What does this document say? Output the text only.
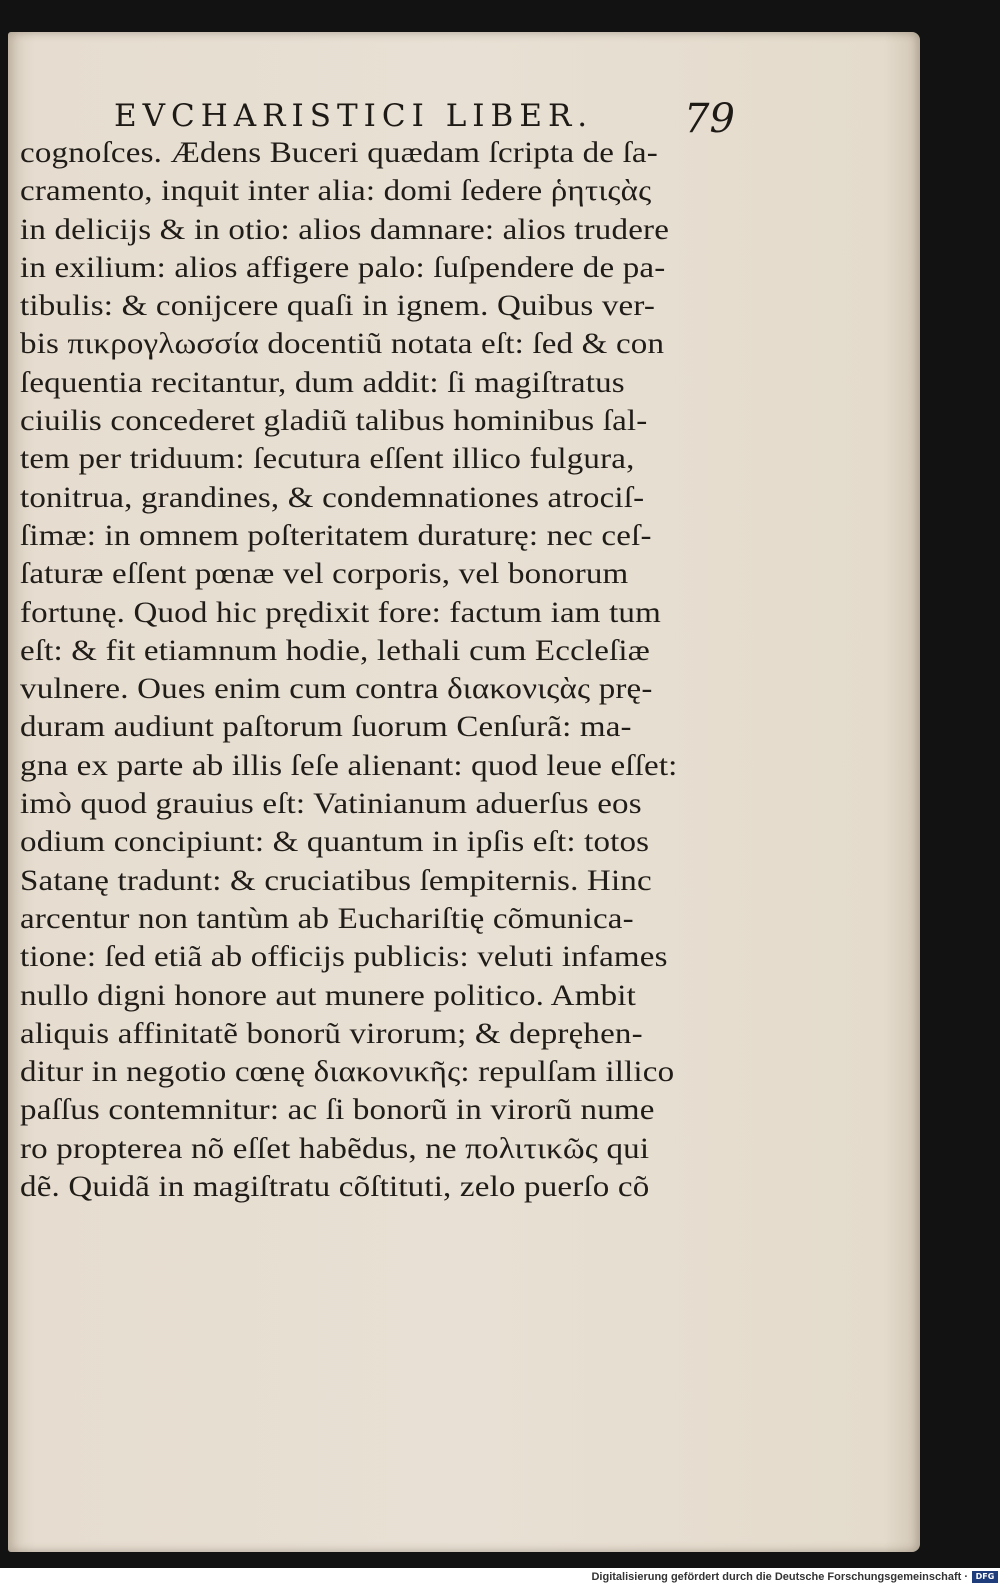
EVCHARISTICI LIBER.	79
cognoſces. Ædens Buceri quædam ſcripta de ſa-
cramento, inquit inter alia: domi ſedere ῥητιςὰς
in delicijs & in otio: alios damnare: alios trudere
in exilium: alios affigere palo: ſuſpendere de pa-
tibulis: & conijcere quaſi in ignem. Quibus ver-
bis πικρογλωσσία docentiũ notata eſt: ſed & con
ſequentia recitantur, dum addit: ſi magiſtratus
ciuilis concederet gladiũ talibus hominibus ſal-
tem per triduum: ſecutura eſſent illico fulgura,
tonitrua, grandines, & condemnationes atrociſ-
ſimæ: in omnem poſteritatem duraturę: nec ceſ-
ſaturæ eſſent pœnæ vel corporis, vel bonorum
fortunę. Quod hic prędixit fore: factum iam tum
eſt: & fit etiamnum hodie, lethali cum Eccleſiæ
vulnere. Oues enim cum contra διακονιςὰς prę-
duram audiunt paſtorum ſuorum Cenſurã: ma-
gna ex parte ab illis ſeſe alienant: quod leue eſſet:
imò quod grauius eſt: Vatinianum aduerſus eos
odium concipiunt: & quantum in ipſis eſt: totos
Satanę tradunt: & cruciatibus ſempiternis. Hinc
arcentur non tantùm ab Euchariſtię cõmunica-
tione: ſed etiã ab officijs publicis: veluti infames
nullo digni honore aut munere politico. Ambit
aliquis affinitatẽ bonorũ virorum; & depręhen-
ditur in negotio cœnę διακονικῆς: repulſam illico
paſſus contemnitur: ac ſi bonorũ in virorũ nume
ro propterea nõ eſſet habẽdus, ne πολιτικῶς qui
dẽ. Quidã in magiſtratu cõſtituti, zelo puerſo cõ
Digitalisierung gefördert durch die Deutsche Forschungsgemeinschaft · DFG
